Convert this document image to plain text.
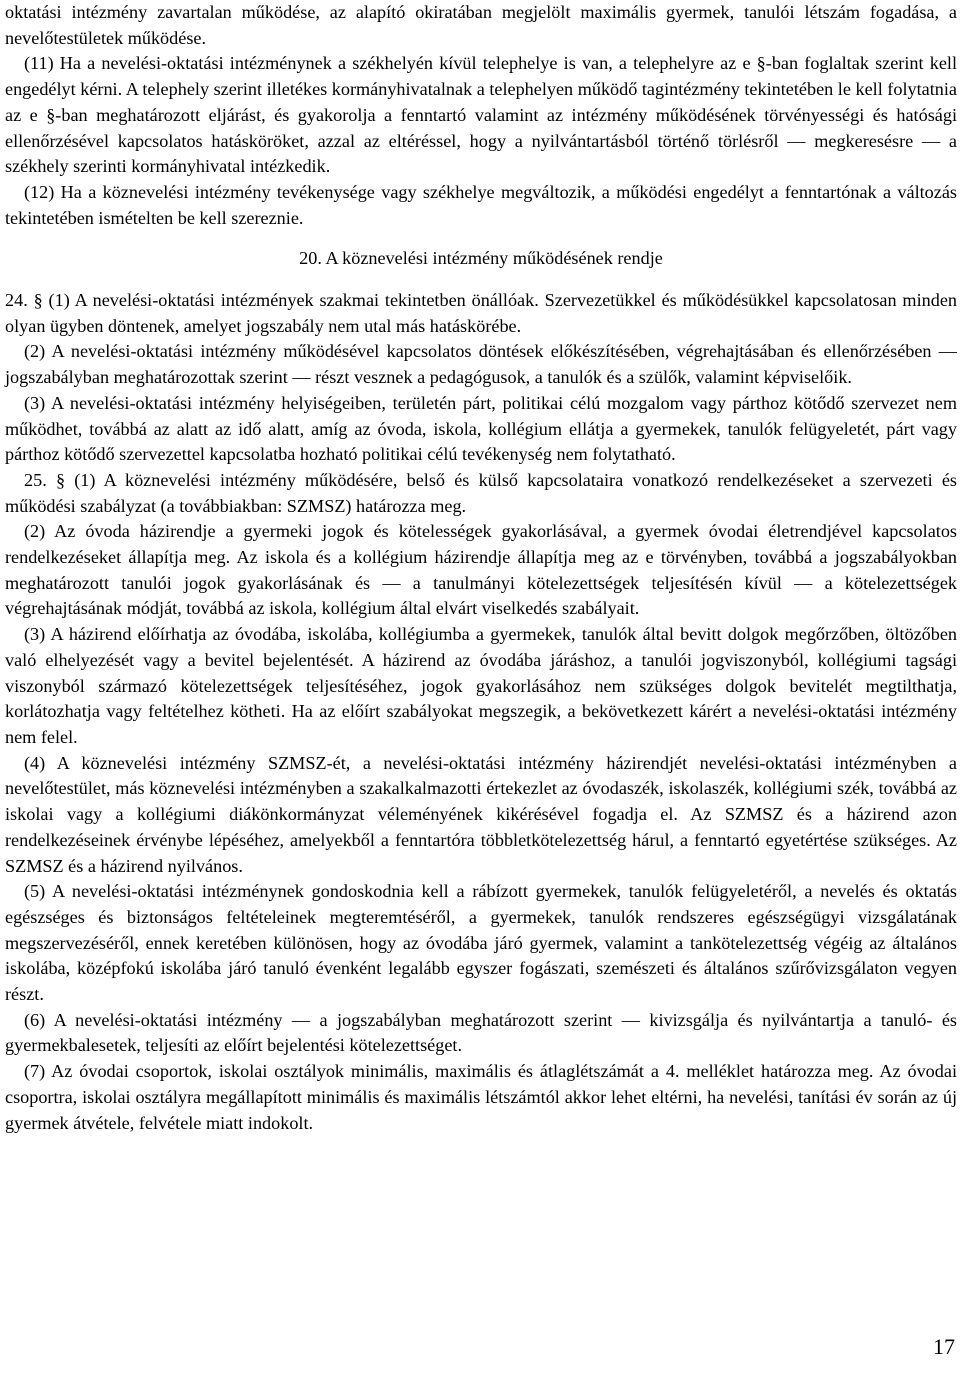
oktatási intézmény zavartalan működése, az alapító okiratában megjelölt maximális gyermek, tanulói létszám fogadása, a nevelőtestületek működése.

(11) Ha a nevelési-oktatási intézménynek a székhelyén kívül telephelye is van, a telephelyre az e §-ban foglaltak szerint kell engedélyt kérni. A telephely szerint illetékes kormányhivatalnak a telephelyen működő tagintézmény tekintetében le kell folytatnia az e §-ban meghatározott eljárást, és gyakorolja a fenntartó valamint az intézmény működésének törvényességi és hatósági ellenőrzésével kapcsolatos hatásköröket, azzal az eltéréssel, hogy a nyilvántartásból történő törlésről ― megkeresésre ― a székhely szerinti kormányhivatal intézkedik.

(12) Ha a köznevelési intézmény tevékenysége vagy székhelye megváltozik, a működési engedélyt a fenntartónak a változás tekintetében ismételten be kell szereznie.

20. A köznevelési intézmény működésének rendje

24. § (1) A nevelési-oktatási intézmények szakmai tekintetben önállóak. Szervezetükkel és működésükkel kapcsolatosan minden olyan ügyben döntenek, amelyet jogszabály nem utal más hatáskörébe.

(2) A nevelési-oktatási intézmény működésével kapcsolatos döntések előkészítésében, végrehajtásában és ellenőrzésében ― jogszabályban meghatározottak szerint ― részt vesznek a pedagógusok, a tanulók és a szülők, valamint képviselőik.

(3) A nevelési-oktatási intézmény helyiségeiben, területén párt, politikai célú mozgalom vagy párthoz kötődő szervezet nem működhet, továbbá az alatt az idő alatt, amíg az óvoda, iskola, kollégium ellátja a gyermekek, tanulók felügyeletét, párt vagy párthoz kötődő szervezettel kapcsolatba hozható politikai célú tevékenység nem folytatható.

25. § (1) A köznevelési intézmény működésére, belső és külső kapcsolataira vonatkozó rendelkezéseket a szervezeti és működési szabályzat (a továbbiakban: SZMSZ) határozza meg.

(2) Az óvoda házirendje a gyermeki jogok és kötelességek gyakorlásával, a gyermek óvodai életrendjével kapcsolatos rendelkezéseket állapítja meg. Az iskola és a kollégium házirendje állapítja meg az e törvényben, továbbá a jogszabályokban meghatározott tanulói jogok gyakorlásának és ― a tanulmányi kötelezettségek teljesítésén kívül ― a kötelezettségek végrehajtásának módját, továbbá az iskola, kollégium által elvárt viselkedés szabályait.

(3) A házirend előírhatja az óvodába, iskolába, kollégiumba a gyermekek, tanulók által bevitt dolgok megőrzőben, öltözőben való elhelyezését vagy a bevitel bejelentését. A házirend az óvodába járáshoz, a tanulói jogviszonyból, kollégiumi tagsági viszonyból származó kötelezettségek teljesítéséhez, jogok gyakorlásához nem szükséges dolgok bevitelét megtilthatja, korlátozhatja vagy feltételhez kötheti. Ha az előírt szabályokat megszegik, a bekövetkezett kárért a nevelési-oktatási intézmény nem felel.

(4) A köznevelési intézmény SZMSZ-ét, a nevelési-oktatási intézmény házirendjét nevelési-oktatási intézményben a nevelőtestület, más köznevelési intézményben a szakalkalmazotti értekezlet az óvodaszék, iskolaszék, kollégiumi szék, továbbá az iskolai vagy a kollégiumi diákönkormányzat véleményének kikérésével fogadja el. Az SZMSZ és a házirend azon rendelkezéseinek érvénybe lépéséhez, amelyekből a fenntartóra többletkötelezettség hárul, a fenntartó egyetértése szükséges. Az SZMSZ és a házirend nyilvános.

(5) A nevelési-oktatási intézménynek gondoskodnia kell a rábízott gyermekek, tanulók felügyeletéről, a nevelés és oktatás egészséges és biztonságos feltételeinek megteremtéséről, a gyermekek, tanulók rendszeres egészségügyi vizsgálatának megszervezéséről, ennek keretében különösen, hogy az óvodába járó gyermek, valamint a tankötelezettség végéig az általános iskolába, középfokú iskolába járó tanuló évenként legalább egyszer fogászati, szemészeti és általános szűrővizsgálaton vegyen részt.

(6) A nevelési-oktatási intézmény ― a jogszabályban meghatározott szerint ― kivizsgálja és nyilvántartja a tanuló- és gyermekbalesetek, teljesíti az előírt bejelentési kötelezettséget.

(7) Az óvodai csoportok, iskolai osztályok minimális, maximális és átlaglétszámát a 4. melléklet határozza meg. Az óvodai csoportra, iskolai osztályra megállapított minimális és maximális létszámtól akkor lehet eltérni, ha nevelési, tanítási év során az új gyermek átvétele, felvétele miatt indokolt.

17
